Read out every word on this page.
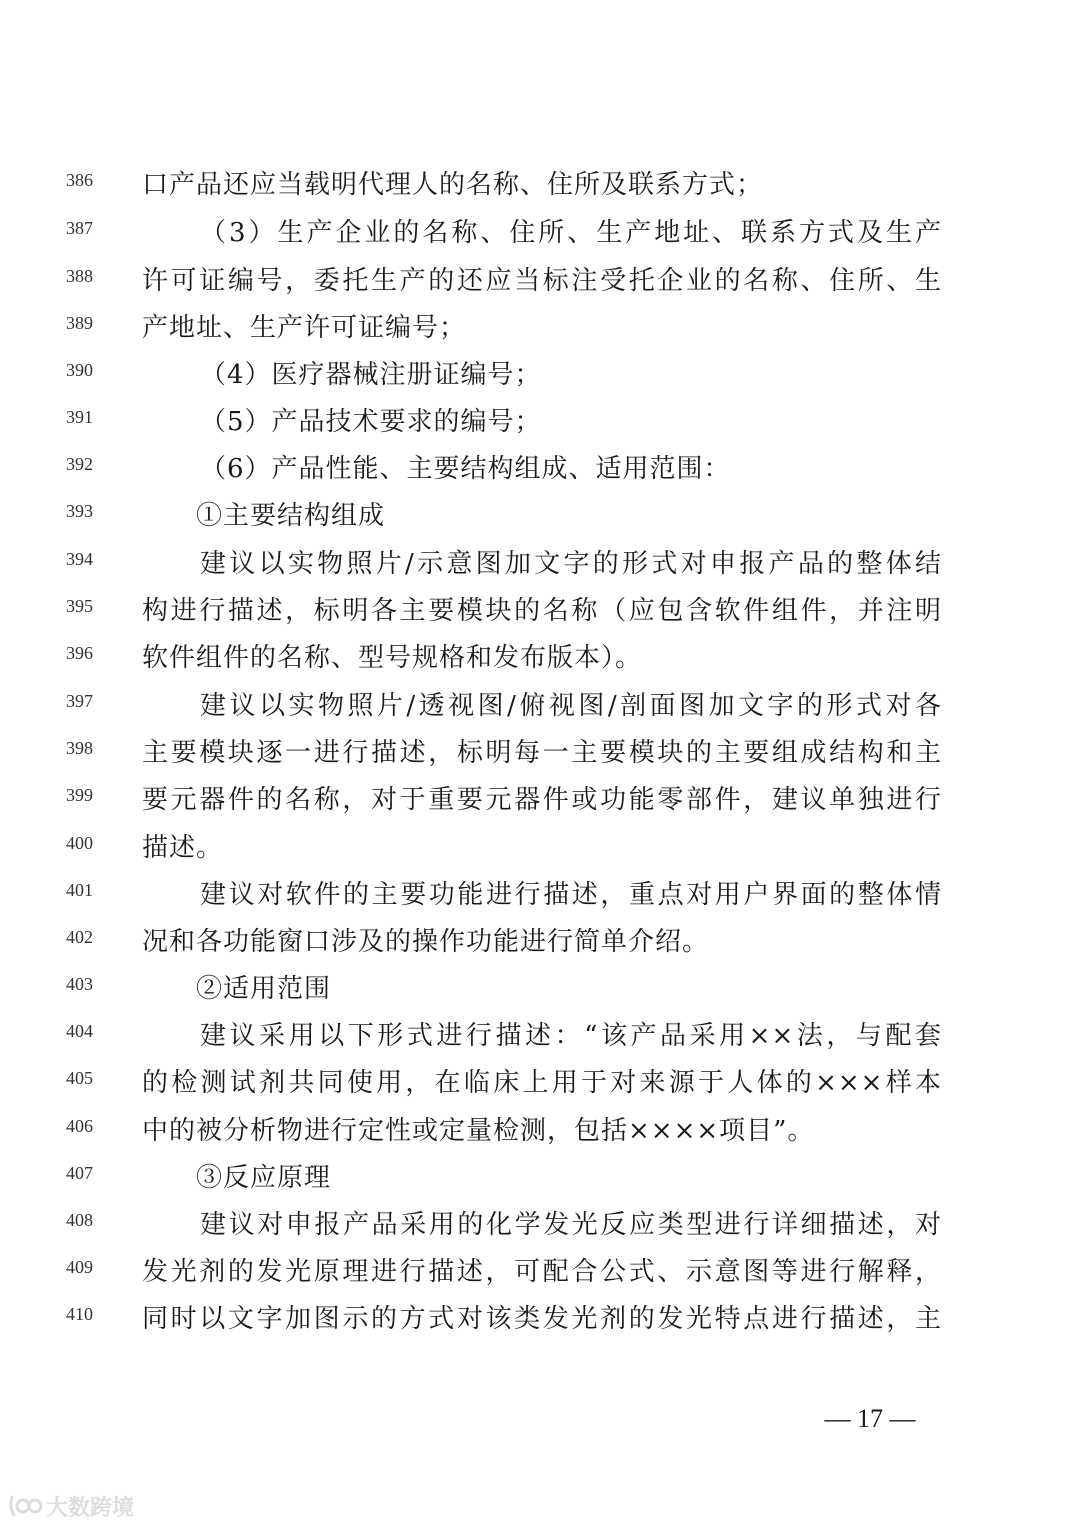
386	口产品还应当载明代理人的名称、住所及联系方式；
387	（3）生产企业的名称、住所、生产地址、联系方式及生产
388	许可证编号，委托生产的还应当标注受托企业的名称、住所、生
389	产地址、生产许可证编号；
390	（4）医疗器械注册证编号；
391	（5）产品技术要求的编号；
392	（6）产品性能、主要结构组成、适用范围：
393	①主要结构组成
394	建议以实物照片/示意图加文字的形式对申报产品的整体结
395	构进行描述，标明各主要模块的名称（应包含软件组件，并注明
396	软件组件的名称、型号规格和发布版本）。
397	建议以实物照片/透视图/俯视图/剖面图加文字的形式对各
398	主要模块逐一进行描述，标明每一主要模块的主要组成结构和主
399	要元器件的名称，对于重要元器件或功能零部件，建议单独进行
400	描述。
401	建议对软件的主要功能进行描述，重点对用户界面的整体情
402	况和各功能窗口涉及的操作功能进行简单介绍。
403	②适用范围
404	建议采用以下形式进行描述：“该产品采用××法，与配套
405	的检测试剂共同使用，在临床上用于对来源于人体的×××样本
406	中的被分析物进行定性或定量检测，包括××××项目”。
407	③反应原理
408	建议对申报产品采用的化学发光反应类型进行详细描述，对
409	发光剂的发光原理进行描述，可配合公式、示意图等进行解释，
410	同时以文字加图示的方式对该类发光剂的发光特点进行描述，主
— 17 —
大数跨境
